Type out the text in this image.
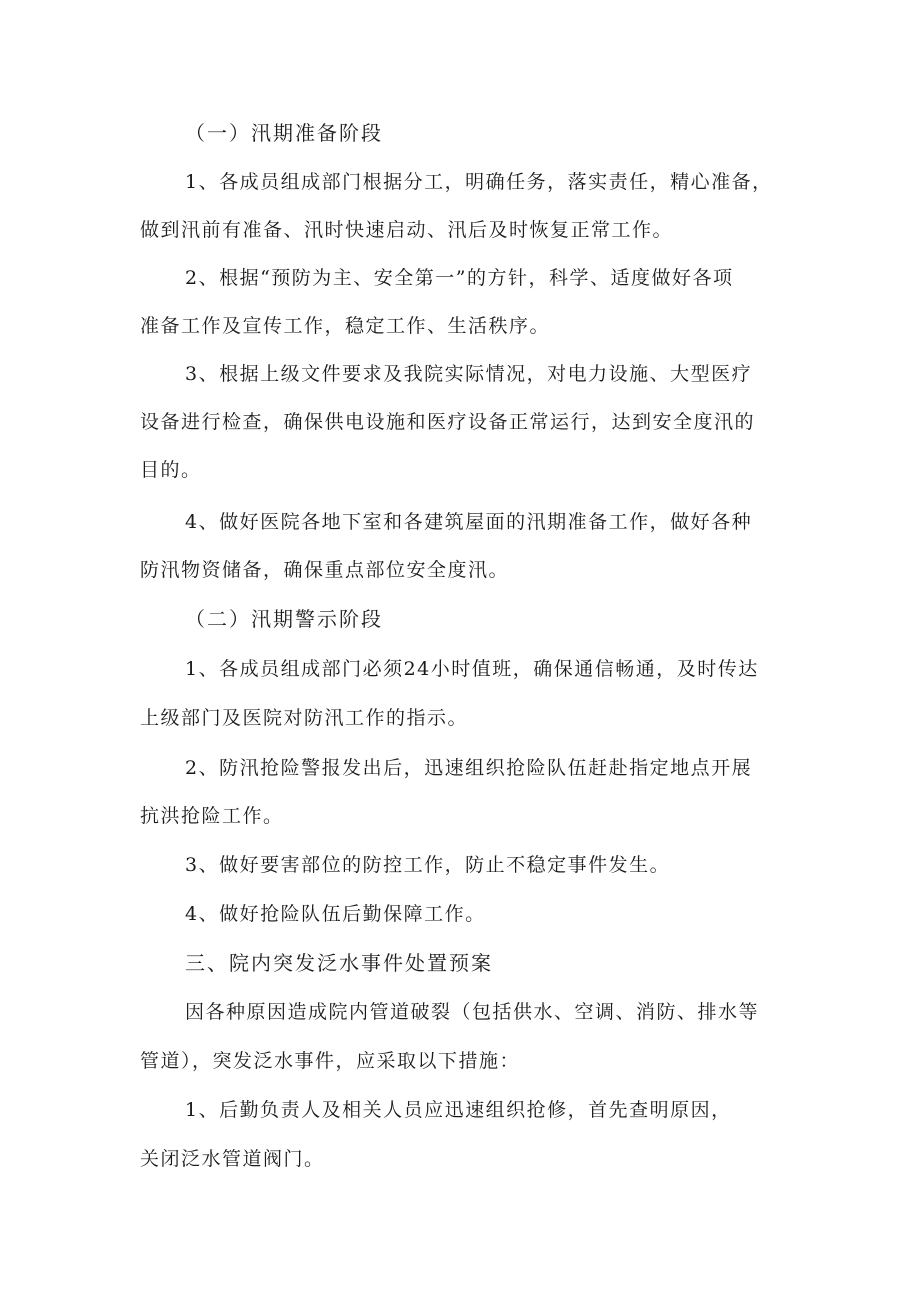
（一）汛期准备阶段
1、各成员组成部门根据分工，明确任务，落实责任，精心准备，
做到汛前有准备、汛时快速启动、汛后及时恢复正常工作。
2、根据“预防为主、安全第一”的方针，科学、适度做好各项
准备工作及宣传工作，稳定工作、生活秩序。
3、根据上级文件要求及我院实际情况，对电力设施、大型医疗
设备进行检查，确保供电设施和医疗设备正常运行，达到安全度汛的
目的。
4、做好医院各地下室和各建筑屋面的汛期准备工作，做好各种
防汛物资储备，确保重点部位安全度汛。
（二）汛期警示阶段
1、各成员组成部门必须24小时值班，确保通信畅通，及时传达
上级部门及医院对防汛工作的指示。
2、防汛抢险警报发出后，迅速组织抢险队伍赶赴指定地点开展
抗洪抢险工作。
3、做好要害部位的防控工作，防止不稳定事件发生。
4、做好抢险队伍后勤保障工作。
三、院内突发泛水事件处置预案
因各种原因造成院内管道破裂（包括供水、空调、消防、排水等
管道），突发泛水事件，应采取以下措施：
1、后勤负责人及相关人员应迅速组织抢修，首先查明原因，
关闭泛水管道阀门。
